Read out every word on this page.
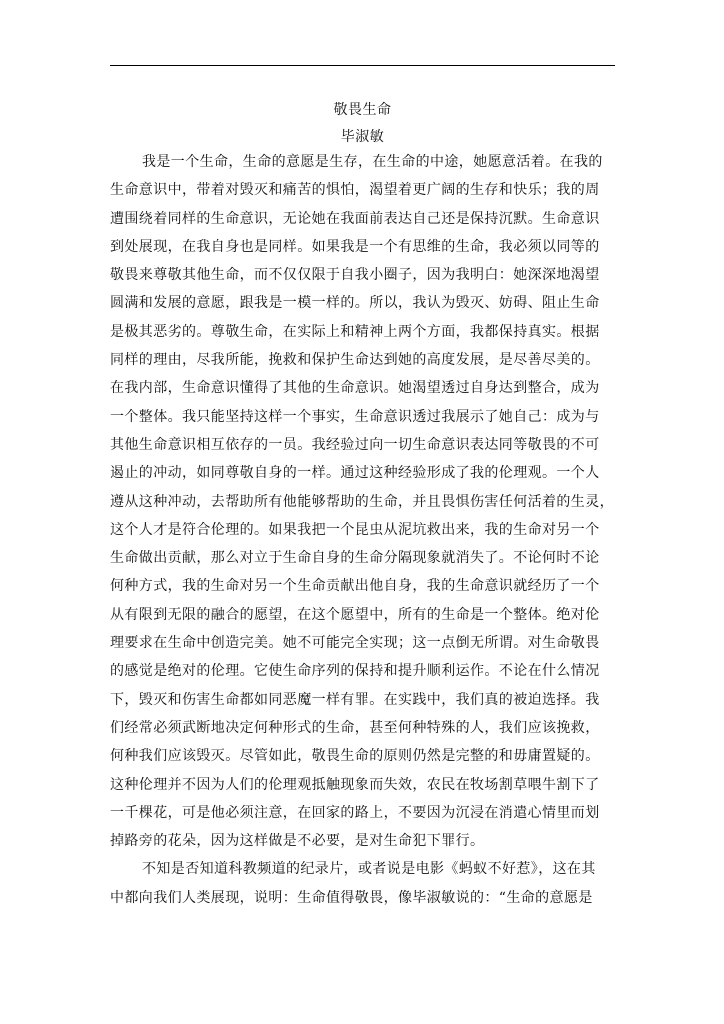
敬畏生命
毕淑敏
我是一个生命，生命的意愿是生存，在生命的中途，她愿意活着。在我的
生命意识中，带着对毁灭和痛苦的惧怕，渴望着更广阔的生存和快乐；我的周
遭围绕着同样的生命意识，无论她在我面前表达自己还是保持沉默。生命意识
到处展现，在我自身也是同样。如果我是一个有思维的生命，我必须以同等的
敬畏来尊敬其他生命，而不仅仅限于自我小圈子，因为我明白：她深深地渴望
圆满和发展的意愿，跟我是一模一样的。所以，我认为毁灭、妨碍、阻止生命
是极其恶劣的。尊敬生命，在实际上和精神上两个方面，我都保持真实。根据
同样的理由，尽我所能，挽救和保护生命达到她的高度发展，是尽善尽美的。
在我内部，生命意识懂得了其他的生命意识。她渴望透过自身达到整合，成为
一个整体。我只能坚持这样一个事实，生命意识透过我展示了她自己：成为与
其他生命意识相互依存的一员。我经验过向一切生命意识表达同等敬畏的不可
遏止的冲动，如同尊敬自身的一样。通过这种经验形成了我的伦理观。一个人
遵从这种冲动，去帮助所有他能够帮助的生命，并且畏惧伤害任何活着的生灵，
这个人才是符合伦理的。如果我把一个昆虫从泥坑救出来，我的生命对另一个
生命做出贡献，那么对立于生命自身的生命分隔现象就消失了。不论何时不论
何种方式，我的生命对另一个生命贡献出他自身，我的生命意识就经历了一个
从有限到无限的融合的愿望，在这个愿望中，所有的生命是一个整体。绝对伦
理要求在生命中创造完美。她不可能完全实现；这一点倒无所谓。对生命敬畏
的感觉是绝对的伦理。它使生命序列的保持和提升顺利运作。不论在什么情况
下，毁灭和伤害生命都如同恶魔一样有罪。在实践中，我们真的被迫选择。我
们经常必须武断地决定何种形式的生命，甚至何种特殊的人，我们应该挽救，
何种我们应该毁灭。尽管如此，敬畏生命的原则仍然是完整的和毋庸置疑的。
这种伦理并不因为人们的伦理观抵触现象而失效，农民在牧场割草喂牛割下了
一千棵花，可是他必须注意，在回家的路上，不要因为沉浸在消遣心情里而划
掉路旁的花朵，因为这样做是不必要，是对生命犯下罪行。
不知是否知道科教频道的纪录片，或者说是电影《蚂蚁不好惹》，这在其
中都向我们人类展现，说明：生命值得敬畏，像毕淑敏说的：“生命的意愿是
